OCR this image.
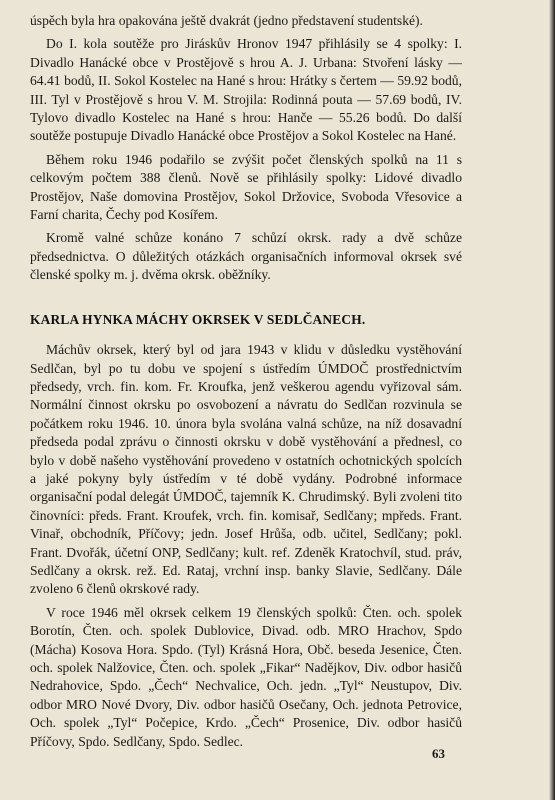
úspěch byla hra opakována ještě dvakrát (jedno představení studentské).

Do I. kola soutěže pro Jiráskův Hronov 1947 přihlásily se 4 spolky: I. Divadlo Hanácké obce v Prostějově s hrou A. J. Urbana: Stvoření lásky — 64.41 bodů, II. Sokol Kostelec na Hané s hrou: Hrátky s čertem — 59.92 bodů, III. Tyl v Prostějově s hrou V. M. Strojila: Rodinná pouta — 57.69 bodů, IV. Tylovo divadlo Kostelec na Hané s hrou: Hanče — 55.26 bodů. Do další soutěže postupuje Divadlo Hanácké obce Prostějov a Sokol Kostelec na Hané.

Během roku 1946 podařilo se zvýšit počet členských spolků na 11 s celkovým počtem 388 členů. Nově se přihlásily spolky: Lidové divadlo Prostějov, Naše domovina Prostějov, Sokol Držovice, Svoboda Vřesovice a Farní charita, Čechy pod Kosířem.

Kromě valné schůze konáno 7 schůzí okrsk. rady a dvě schůze předsednictva. O důležitých otázkách organisačních informoval okrsek své členské spolky m. j. dvěma okrsk. oběžníky.

KARLA HYNKA MÁCHY OKRSEK V SEDLČANECH.

Máchův okrsek, který byl od jara 1943 v klidu v důsledku vystěhování Sedlčan, byl po tu dobu ve spojení s ústředím ÚMDOČ prostřednictvím předsedy, vrch. fin. kom. Fr. Kroufka, jenž veškerou agendu vyřizoval sám. Normální činnost okrsku po osvobození a návratu do Sedlčan rozvinula se počátkem roku 1946. 10. února byla svolána valná schůze, na níž dosavadní předseda podal zprávu o činnosti okrsku v době vystěhování a přednesl, co bylo v době našeho vystěhování provedeno v ostatních ochotnických spolcích a jaké pokyny byly ústředím v té době vydány. Podrobné informace organisační podal delegát ÚMDOČ, tajemník K. Chrudimský. Byli zvoleni tito činovníci: předs. Frant. Kroufek, vrch. fin. komisař, Sedlčany; mpředs. Frant. Vinař, obchodník, Příčovy; jedn. Josef Hrůša, odb. učitel, Sedlčany; pokl. Frant. Dvořák, účetní ONP, Sedlčany; kult. ref. Zdeněk Kratochvíl, stud. práv, Sedlčany a okrsk. rež. Ed. Rataj, vrchní insp. banky Slavie, Sedlčany. Dále zvoleno 6 členů okrskové rady.

V roce 1946 měl okrsek celkem 19 členských spolků: Čten. och. spolek Borotín, Čten. och. spolek Dublovice, Divad. odb. MRO Hrachov, Spdo (Mácha) Kosova Hora. Spdo. (Tyl) Krásná Hora, Obč. beseda Jesenice, Čten. och. spolek Nalžovice, Čten. och. spolek „Fikar“ Nadějkov, Div. odbor hasičů Nedrahovice, Spdo. „Čech“ Nechvalice, Och. jedn. „Tyl“ Neustupov, Div. odbor MRO Nové Dvory, Div. odbor hasičů Osečany, Och. jednota Petrovice, Och. spolek „Tyl“ Počepice, Krdo. „Čech“ Prosenice, Div. odbor hasičů Příčovy, Spdo. Sedlčany, Spdo. Sedlec.

63
